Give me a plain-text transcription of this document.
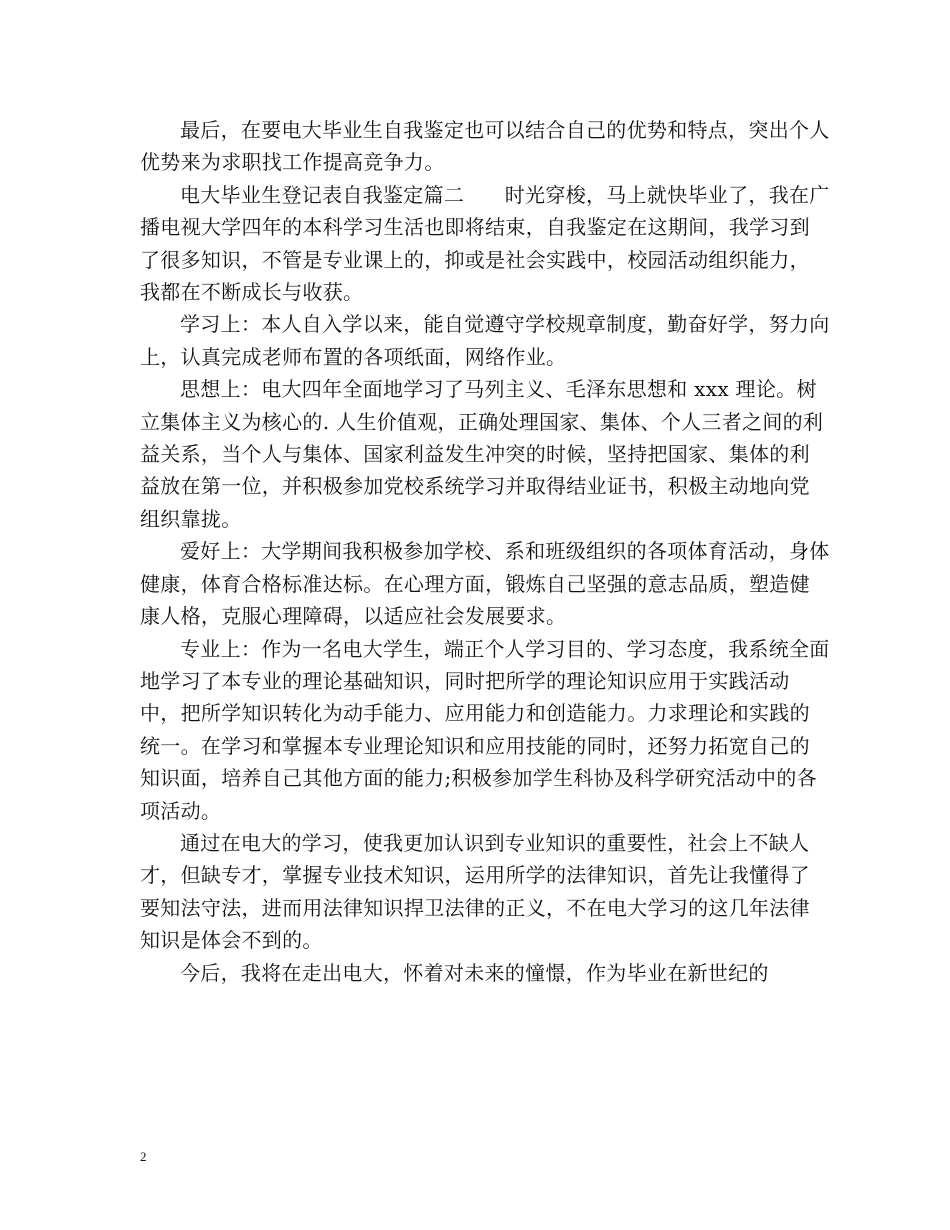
最后，在要电大毕业生自我鉴定也可以结合自己的优势和特点，突出个人优势来为求职找工作提高竞争力。

电大毕业生登记表自我鉴定篇二　　时光穿梭，马上就快毕业了，我在广播电视大学四年的本科学习生活也即将结束，自我鉴定在这期间，我学习到了很多知识，不管是专业课上的，抑或是社会实践中，校园活动组织能力，我都在不断成长与收获。

学习上：本人自入学以来，能自觉遵守学校规章制度，勤奋好学，努力向上，认真完成老师布置的各项纸面，网络作业。

思想上：电大四年全面地学习了马列主义、毛泽东思想和 xxx 理论。树立集体主义为核心的. 人生价值观，正确处理国家、集体、个人三者之间的利益关系，当个人与集体、国家利益发生冲突的时候，坚持把国家、集体的利益放在第一位，并积极参加党校系统学习并取得结业证书，积极主动地向党组织靠拢。

爱好上：大学期间我积极参加学校、系和班级组织的各项体育活动，身体健康，体育合格标准达标。在心理方面，锻炼自己坚强的意志品质，塑造健康人格，克服心理障碍，以适应社会发展要求。

专业上：作为一名电大学生，端正个人学习目的、学习态度，我系统全面地学习了本专业的理论基础知识，同时把所学的理论知识应用于实践活动中，把所学知识转化为动手能力、应用能力和创造能力。力求理论和实践的统一。在学习和掌握本专业理论知识和应用技能的同时，还努力拓宽自己的知识面，培养自己其他方面的能力;积极参加学生科协及科学研究活动中的各项活动。

通过在电大的学习，使我更加认识到专业知识的重要性，社会上不缺人才，但缺专才，掌握专业技术知识，运用所学的法律知识，首先让我懂得了要知法守法，进而用法律知识捍卫法律的正义，不在电大学习的这几年法律知识是体会不到的。

今后，我将在走出电大，怀着对未来的憧憬，作为毕业在新世纪的

2
